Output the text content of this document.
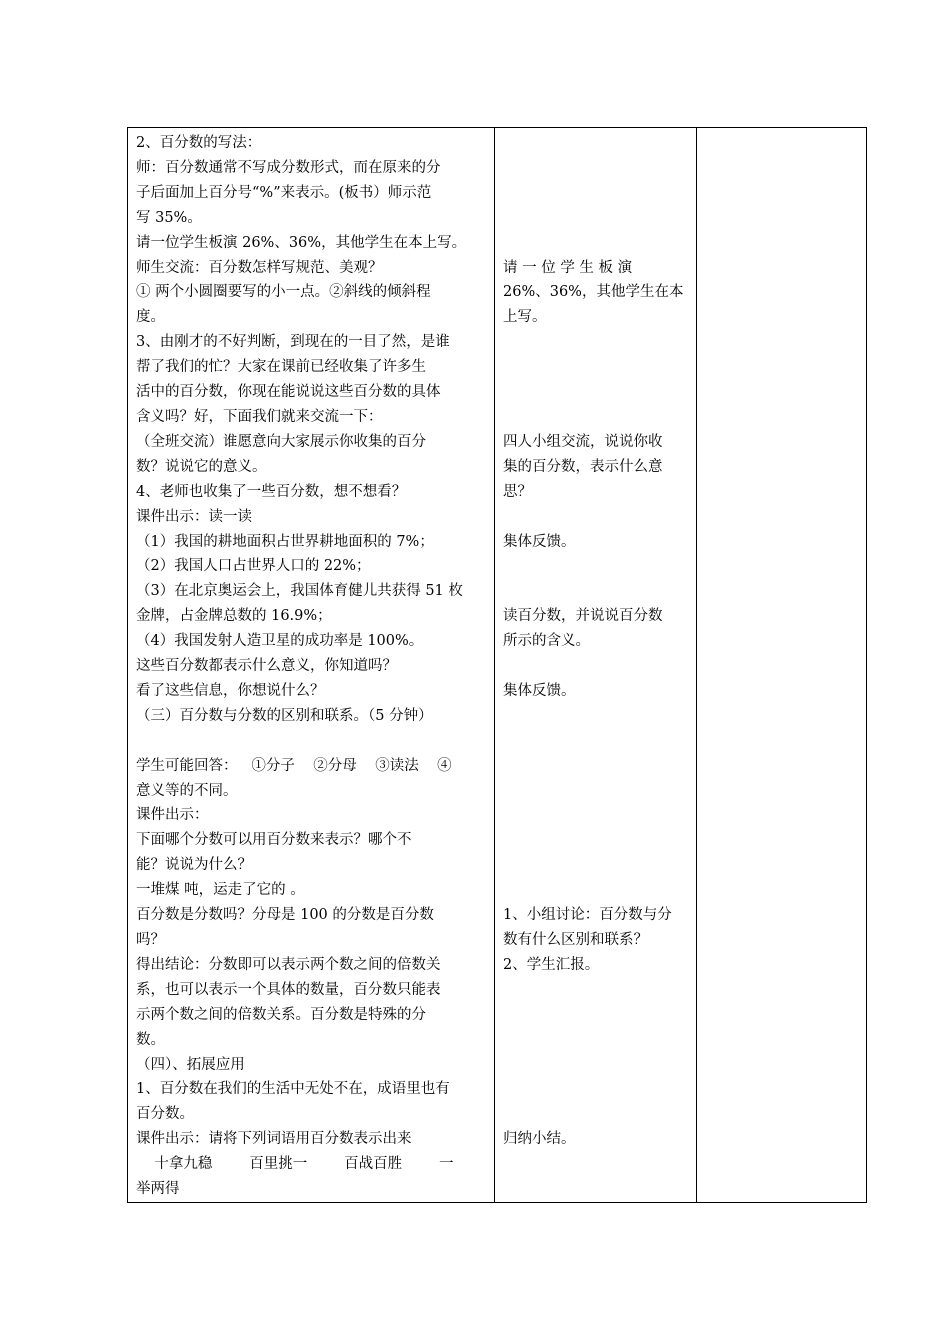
2、百分数的写法：
师：百分数通常不写成分数形式，而在原来的分
子后面加上百分号“%”来表示。(板书）师示范
写 35%。
请一位学生板演 26%、36%，其他学生在本上写。
师生交流：百分数怎样写规范、美观？
① 两个小圆圈要写的小一点。②斜线的倾斜程
度。
3、由刚才的不好判断，到现在的一目了然，是谁
帮了我们的忙？大家在课前已经收集了许多生
活中的百分数，你现在能说说这些百分数的具体
含义吗？好，下面我们就来交流一下：
（全班交流）谁愿意向大家展示你收集的百分
数？说说它的意义。
4、老师也收集了一些百分数，想不想看？
课件出示：读一读
（1）我国的耕地面积占世界耕地面积的 7%；
（2）我国人口占世界人口的 22%；
（3）在北京奥运会上，我国体育健儿共获得 51 枚
金牌，占金牌总数的 16.9%；
（4）我国发射人造卫星的成功率是 100%。
这些百分数都表示什么意义，你知道吗？
看了这些信息，你想说什么？
（三）百分数与分数的区别和联系。（5 分钟）

学生可能回答：   ①分子    ②分母    ③读法    ④
意义等的不同。
课件出示：
下面哪个分数可以用百分数来表示？哪个不
能？说说为什么？
一堆煤 吨，运走了它的 。
百分数是分数吗？分母是 100 的分数是百分数
吗？
得出结论：分数即可以表示两个数之间的倍数关
系，也可以表示一个具体的数量，百分数只能表
示两个数之间的倍数关系。百分数是特殊的分
数。
（四）、拓展应用
1、百分数在我们的生活中无处不在，成语里也有
百分数。
课件出示：请将下列词语用百分数表示出来
十拿九稳        百里挑一        百战百胜        一
举两得

请 一 位 学 生 板 演
26%、36%，其他学生在本
上写。

四人小组交流，说说你收
集的百分数，表示什么意
思？

集体反馈。

读百分数，并说说百分数
所示的含义。

集体反馈。

1、小组讨论：百分数与分
数有什么区别和联系？
2、学生汇报。

归纳小结。
